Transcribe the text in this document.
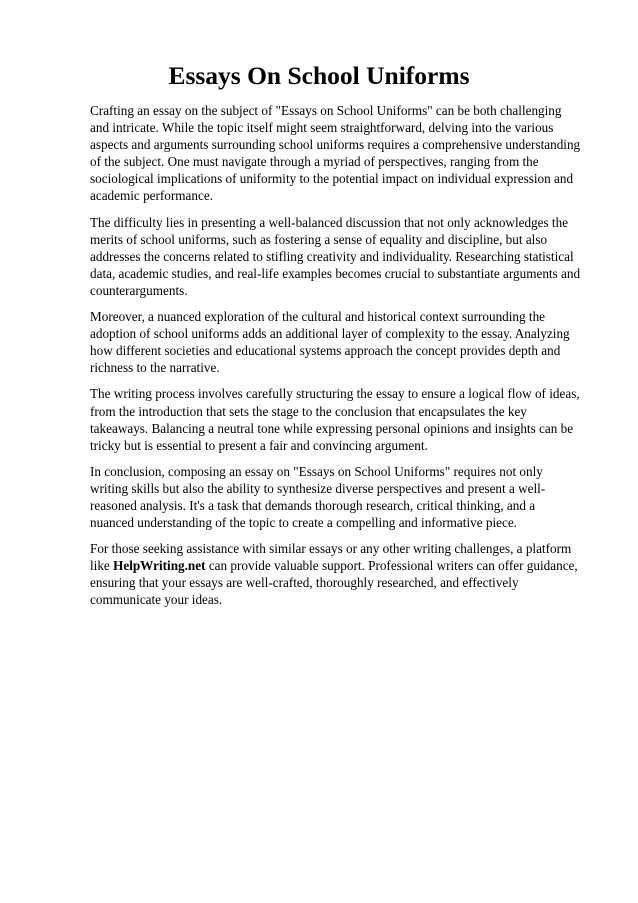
Essays On School Uniforms

Crafting an essay on the subject of "Essays on School Uniforms" can be both challenging and intricate. While the topic itself might seem straightforward, delving into the various aspects and arguments surrounding school uniforms requires a comprehensive understanding of the subject. One must navigate through a myriad of perspectives, ranging from the sociological implications of uniformity to the potential impact on individual expression and academic performance.

The difficulty lies in presenting a well-balanced discussion that not only acknowledges the merits of school uniforms, such as fostering a sense of equality and discipline, but also addresses the concerns related to stifling creativity and individuality. Researching statistical data, academic studies, and real-life examples becomes crucial to substantiate arguments and counterarguments.

Moreover, a nuanced exploration of the cultural and historical context surrounding the adoption of school uniforms adds an additional layer of complexity to the essay. Analyzing how different societies and educational systems approach the concept provides depth and richness to the narrative.

The writing process involves carefully structuring the essay to ensure a logical flow of ideas, from the introduction that sets the stage to the conclusion that encapsulates the key takeaways. Balancing a neutral tone while expressing personal opinions and insights can be tricky but is essential to present a fair and convincing argument.

In conclusion, composing an essay on "Essays on School Uniforms" requires not only writing skills but also the ability to synthesize diverse perspectives and present a well-reasoned analysis. It's a task that demands thorough research, critical thinking, and a nuanced understanding of the topic to create a compelling and informative piece.

For those seeking assistance with similar essays or any other writing challenges, a platform like HelpWriting.net can provide valuable support. Professional writers can offer guidance, ensuring that your essays are well-crafted, thoroughly researched, and effectively communicate your ideas.
